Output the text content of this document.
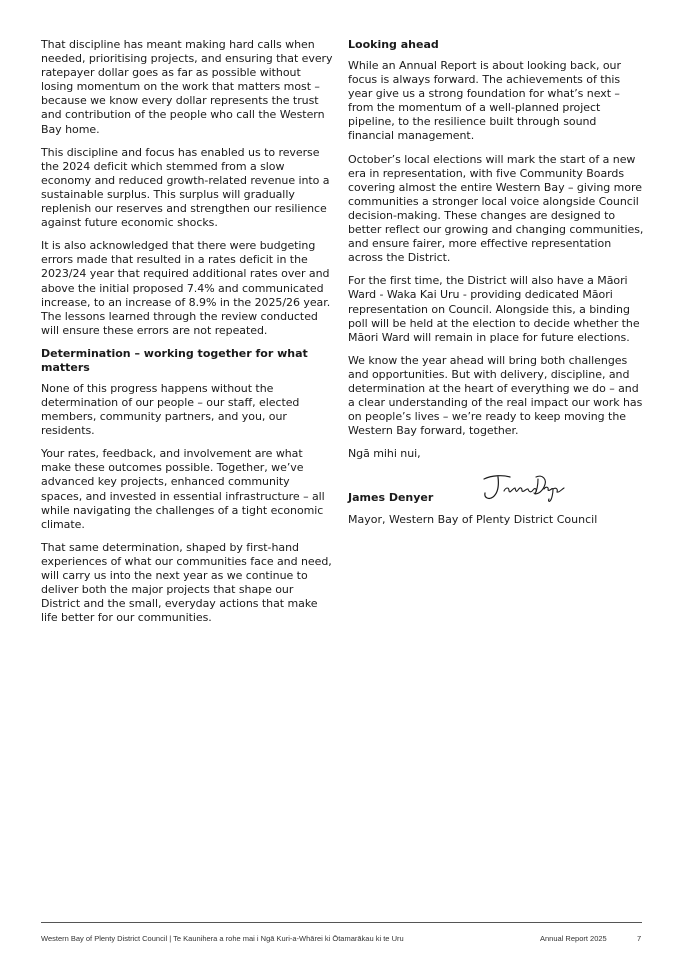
That discipline has meant making hard calls when needed, prioritising projects, and ensuring that every ratepayer dollar goes as far as possible without losing momentum on the work that matters most – because we know every dollar represents the trust and contribution of the people who call the Western Bay home.

This discipline and focus has enabled us to reverse the 2024 deficit which stemmed from a slow economy and reduced growth-related revenue into a sustainable surplus. This surplus will gradually replenish our reserves and strengthen our resilience against future economic shocks.

It is also acknowledged that there were budgeting errors made that resulted in a rates deficit in the 2023/24 year that required additional rates over and above the initial proposed 7.4% and communicated increase, to an increase of 8.9% in the 2025/26 year. The lessons learned through the review conducted will ensure these errors are not repeated.

Determination – working together for what matters

None of this progress happens without the determination of our people – our staff, elected members, community partners, and you, our residents.

Your rates, feedback, and involvement are what make these outcomes possible. Together, we’ve advanced key projects, enhanced community spaces, and invested in essential infrastructure – all while navigating the challenges of a tight economic climate.

That same determination, shaped by first-hand experiences of what our communities face and need, will carry us into the next year as we continue to deliver both the major projects that shape our District and the small, everyday actions that make life better for our communities.

Looking ahead

While an Annual Report is about looking back, our focus is always forward. The achievements of this year give us a strong foundation for what’s next – from the momentum of a well-planned project pipeline, to the resilience built through sound financial management.

October’s local elections will mark the start of a new era in representation, with five Community Boards covering almost the entire Western Bay – giving more communities a stronger local voice alongside Council decision-making. These changes are designed to better reflect our growing and changing communities, and ensure fairer, more effective representation across the District.

For the first time, the District will also have a Māori Ward - Waka Kai Uru - providing dedicated Māori representation on Council. Alongside this, a binding poll will be held at the election to decide whether the Māori Ward will remain in place for future elections.

We know the year ahead will bring both challenges and opportunities. But with delivery, discipline, and determination at the heart of everything we do – and a clear understanding of the real impact our work has on people’s lives – we’re ready to keep moving the Western Bay forward, together.

Ngā mihi nui,

James Denyer
Mayor, Western Bay of Plenty District Council
Western Bay of Plenty District Council | Te Kaunihera a rohe mai i Ngā Kuri-a-Whārei ki Ōtamarākau ki te Uru	Annual Report 2025	7
